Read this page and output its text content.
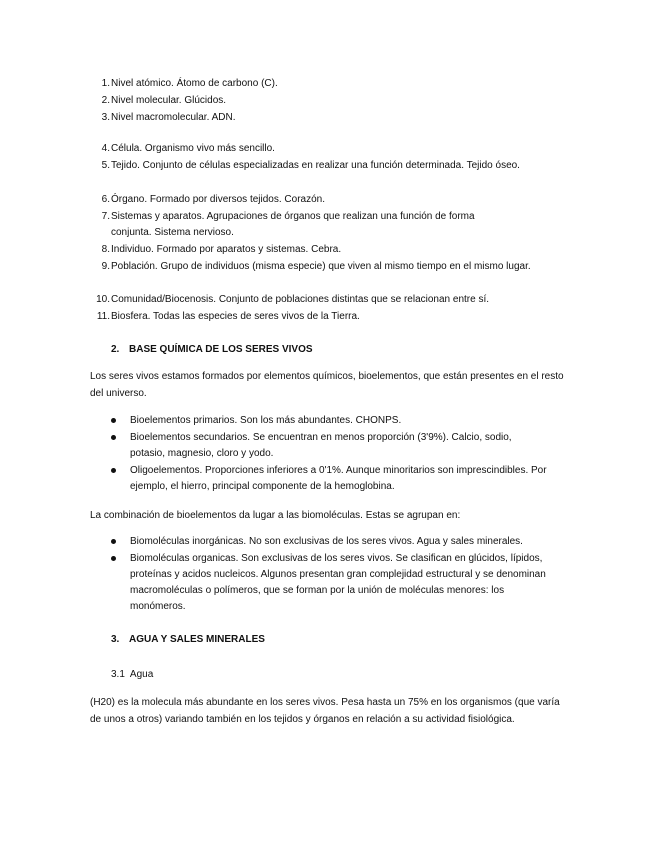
1. Nivel atómico. Átomo de carbono (C).
2. Nivel molecular. Glúcidos.
3. Nivel macromolecular. ADN.
4. Célula. Organismo vivo más sencillo.
5. Tejido. Conjunto de células especializadas en realizar una función determinada. Tejido óseo.
6. Órgano. Formado por diversos tejidos. Corazón.
7. Sistemas y aparatos. Agrupaciones de órganos que realizan una función de forma conjunta. Sistema nervioso.
8. Individuo. Formado por aparatos y sistemas. Cebra.
9. Población. Grupo de individuos (misma especie) que viven al mismo tiempo en el mismo lugar.
10. Comunidad/Biocenosis. Conjunto de poblaciones distintas que se relacionan entre sí.
11. Biosfera. Todas las especies de seres vivos de la Tierra.
2. BASE QUÍMICA DE LOS SERES VIVOS
Los seres vivos estamos formados por elementos químicos, bioelementos, que están presentes en el resto del universo.
Bioelementos primarios. Son los más abundantes. CHONPS.
Bioelementos secundarios. Se encuentran en menos proporción (3'9%). Calcio, sodio, potasio, magnesio, cloro y yodo.
Oligoelementos. Proporciones inferiores a 0'1%. Aunque minoritarios son imprescindibles. Por ejemplo, el hierro, principal componente de la hemoglobina.
La combinación de bioelementos da lugar a las biomoléculas. Estas se agrupan en:
Biomoléculas inorgánicas. No son exclusivas de los seres vivos. Agua y sales minerales.
Biomoléculas organicas. Son exclusivas de los seres vivos. Se clasifican en glúcidos, lípidos, proteínas y acidos nucleicos. Algunos presentan gran complejidad estructural y se denominan macromoléculas o polímeros, que se forman por la unión de moléculas menores: los monómeros.
3. AGUA Y SALES MINERALES
3.1  Agua
(H20) es la molecula más abundante en los seres vivos. Pesa hasta un 75% en los organismos (que varía de unos a otros) variando también en los tejidos y órganos en relación a su actividad fisiológica.
